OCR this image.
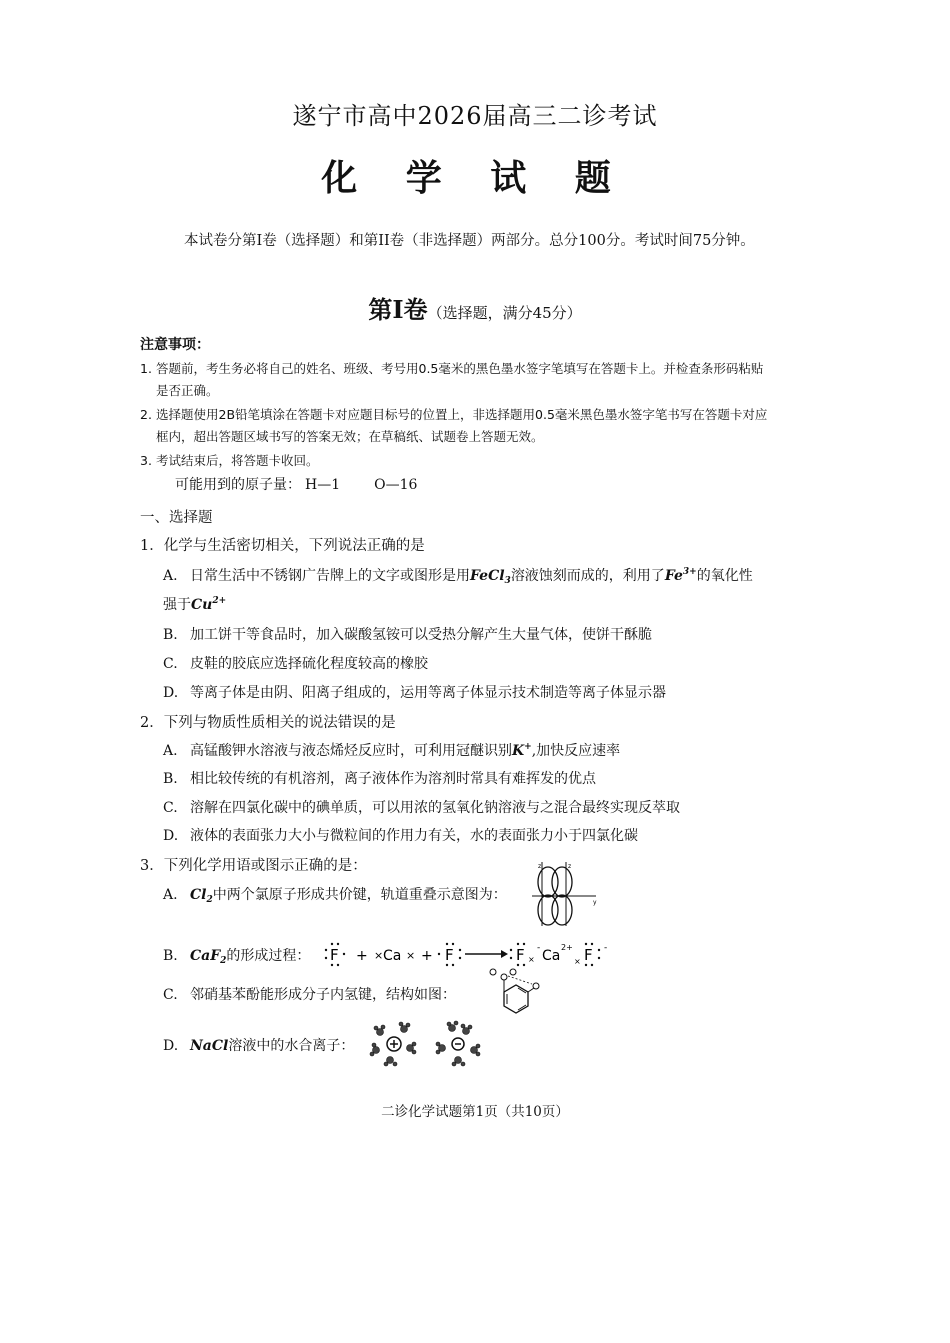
遂宁市高中2026届高三二诊考试
化 学 试 题
本试卷分第Ⅰ卷（选择题）和第II卷（非选择题）两部分。总分100分。考试时间75分钟。
第Ⅰ卷（选择题，满分45分）
注意事项：
1. 答题前，考生务必将自己的姓名、班级、考号用0.5毫米的黑色墨水签字笔填写在答题卡上。并检查条形码粘贴
是否正确。
2. 选择题使用2B铅笔填涂在答题卡对应题目标号的位置上，非选择题用0.5毫米黑色墨水签字笔书写在答题卡对应
框内，超出答题区域书写的答案无效；在草稿纸、试题卷上答题无效。
3. 考试结束后，将答题卡收回。
可能用到的原子量： H—1 O—16
一、选择题
1．化学与生活密切相关，下列说法正确的是
A. 日常生活中不锈钢广告牌上的文字或图形是用FeCl$_3$溶液蚀刻而成的，利用了$Fe^{3+}$的氧化性
强于$Cu^{2+}$
B. 加工饼干等食品时，加入碳酸氢铵可以受热分解产生大量气体，使饼干酥脆
C. 皮鞋的胶底应选择硫化程度较高的橡胶
D. 等离子体是由阴、阳离子组成的，运用等离子体显示技术制造等离子体显示器
2．下列与物质性质相关的说法错误的是
A. 高锰酸钾水溶液与液态烯烃反应时，可利用冠醚识别K+,加快反应速率
B. 相比较传统的有机溶剂，离子液体作为溶剂时常具有难挥发的优点
C. 溶解在四氯化碳中的碘单质，可以用浓的氢氧化钠溶液与之混合最终实现反萃取
D. 液体的表面张力大小与微粒间的作用力有关，水的表面张力小于四氯化碳
3．下列化学用语或图示正确的是：
A. $Cl_2$中两个氯原子形成共价键，轨道重叠示意图为：
z	z
y
B. CaF$_2$的形成过程： F + × Ca × + F	F ×
- Ca
2+
× F -
C. 邻硝基苯酚能形成分子内氢键，结构如图：
D. NaCl溶液中的水合离子：
二诊化学试题第1页（共10页）
